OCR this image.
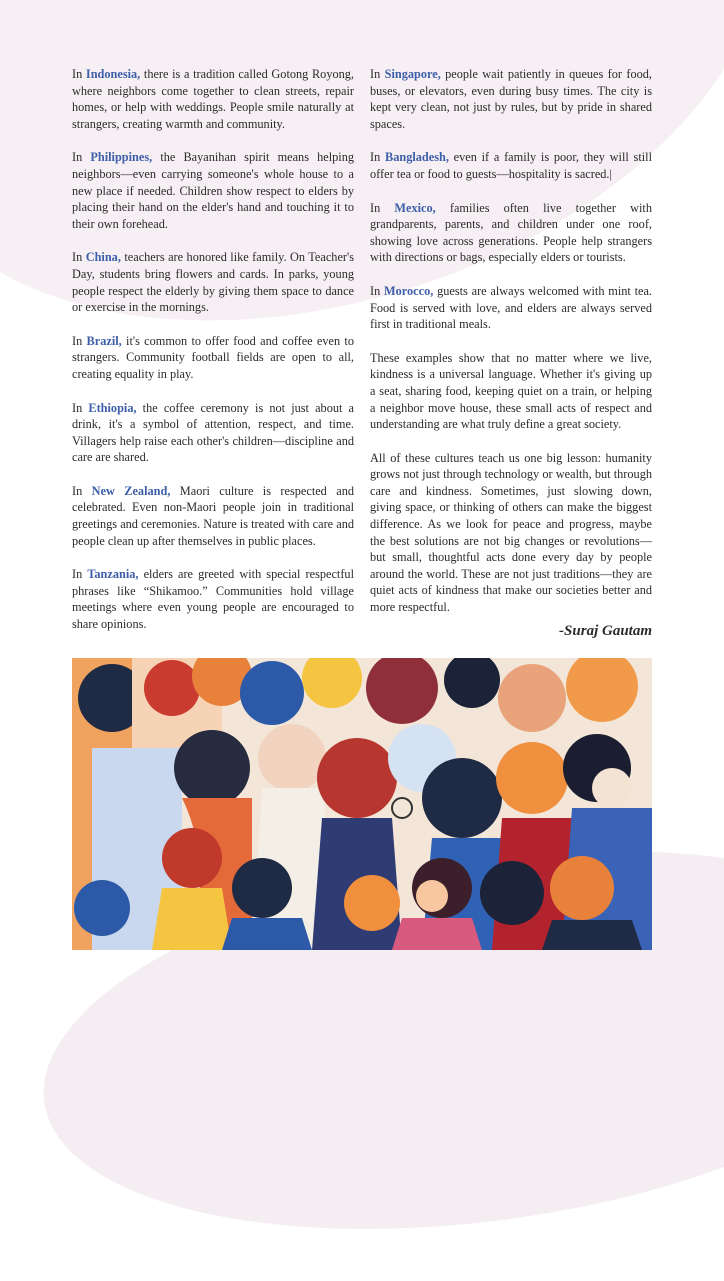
In Indonesia, there is a tradition called Gotong Royong, where neighbors come together to clean streets, repair homes, or help with weddings. People smile naturally at strangers, creating warmth and community.

In Philippines, the Bayanihan spirit means helping neighbors—even carrying someone's whole house to a new place if needed. Children show respect to elders by placing their hand on the elder's hand and touching it to their own forehead.

In China, teachers are honored like family. On Teacher's Day, students bring flowers and cards. In parks, young people respect the elderly by giving them space to dance or exercise in the mornings.

In Brazil, it's common to offer food and coffee even to strangers. Community football fields are open to all, creating equality in play.

In Ethiopia, the coffee ceremony is not just about a drink, it's a symbol of attention, respect, and time. Villagers help raise each other's children—discipline and care are shared.

In New Zealand, Maori culture is respected and celebrated. Even non-Maori people join in traditional greetings and ceremonies. Nature is treated with care and people clean up after themselves in public places.

In Tanzania, elders are greeted with special respectful phrases like “Shikamoo.” Communities hold village meetings where even young people are encouraged to share opinions.

In Singapore, people wait patiently in queues for food, buses, or elevators, even during busy times. The city is kept very clean, not just by rules, but by pride in shared spaces.

In Bangladesh, even if a family is poor, they will still offer tea or food to guests—hospitality is sacred.|

In Mexico, families often live together with grandparents, parents, and children under one roof, showing love across generations. People help strangers with directions or bags, especially elders or tourists.

In Morocco, guests are always welcomed with mint tea. Food is served with love, and elders are always served first in traditional meals.

These examples show that no matter where we live, kindness is a universal language. Whether it's giving up a seat, sharing food, keeping quiet on a train, or helping a neighbor move house, these small acts of respect and understanding are what truly define a great society.

All of these cultures teach us one big lesson: humanity grows not just through technology or wealth, but through care and kindness. Sometimes, just slowing down, giving space, or thinking of others can make the biggest difference. As we look for peace and progress, maybe the best solutions are not big changes or revolutions—but small, thoughtful acts done every day by people around the world. These are not just traditions—they are quiet acts of kindness that make our societies better and more respectful.

-Suraj Gautam
